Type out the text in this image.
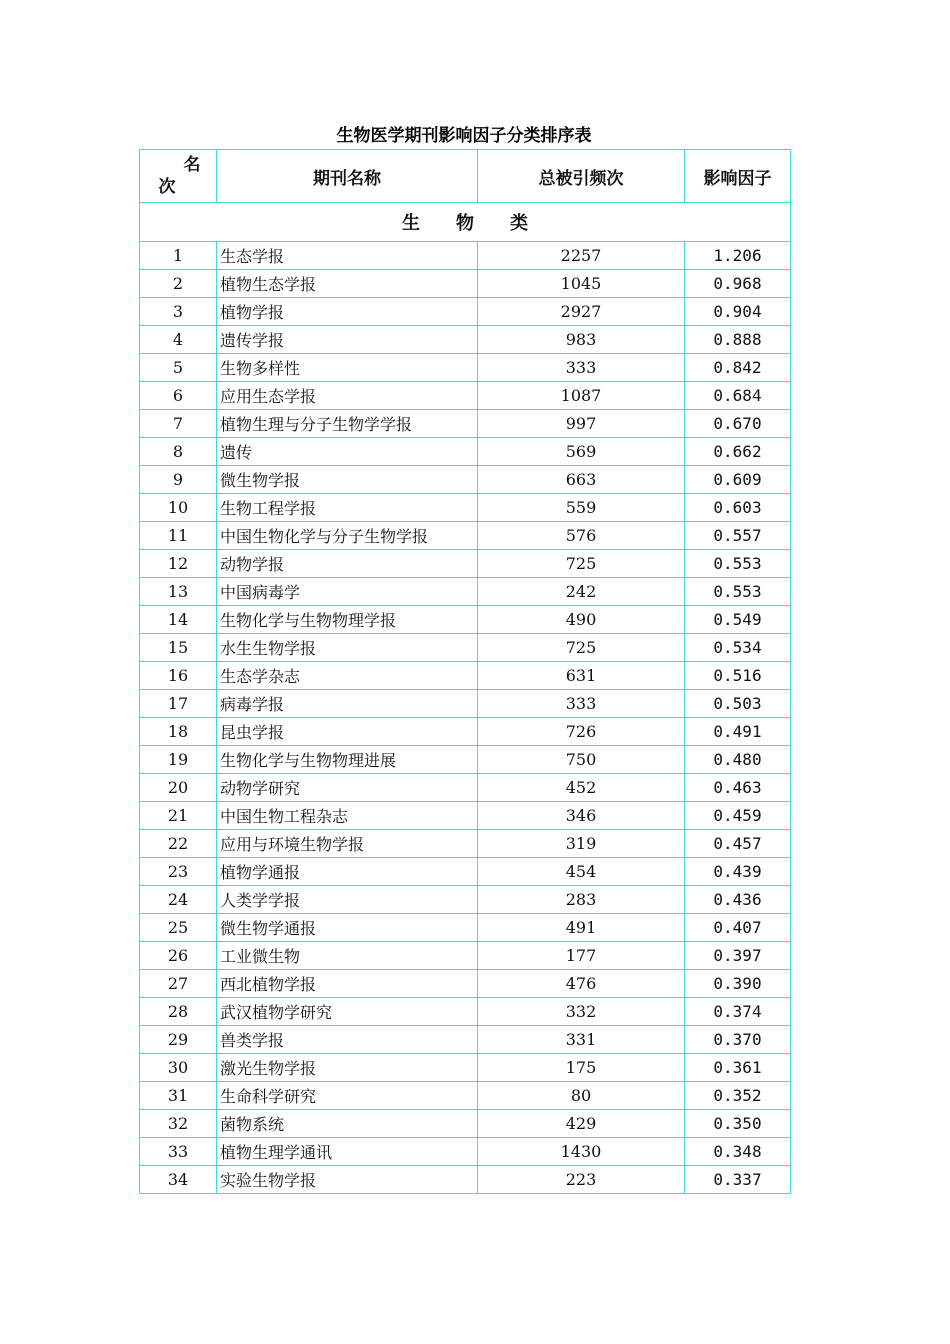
生物医学期刊影响因子分类排序表
名
次	期刊名称	总被引频次	影响因子
生　　物　　类			
1	生态学报	2257	1.206
2	植物生态学报	1045	0.968
3	植物学报	2927	0.904
4	遗传学报	983	0.888
5	生物多样性	333	0.842
6	应用生态学报	1087	0.684
7	植物生理与分子生物学学报	997	0.670
8	遗传	569	0.662
9	微生物学报	663	0.609
10	生物工程学报	559	0.603
11	中国生物化学与分子生物学报	576	0.557
12	动物学报	725	0.553
13	中国病毒学	242	0.553
14	生物化学与生物物理学报	490	0.549
15	水生生物学报	725	0.534
16	生态学杂志	631	0.516
17	病毒学报	333	0.503
18	昆虫学报	726	0.491
19	生物化学与生物物理进展	750	0.480
20	动物学研究	452	0.463
21	中国生物工程杂志	346	0.459
22	应用与环境生物学报	319	0.457
23	植物学通报	454	0.439
24	人类学学报	283	0.436
25	微生物学通报	491	0.407
26	工业微生物	177	0.397
27	西北植物学报	476	0.390
28	武汉植物学研究	332	0.374
29	兽类学报	331	0.370
30	激光生物学报	175	0.361
31	生命科学研究	80	0.352
32	菌物系统	429	0.350
33	植物生理学通讯	1430	0.348
34	实验生物学报	223	0.337
